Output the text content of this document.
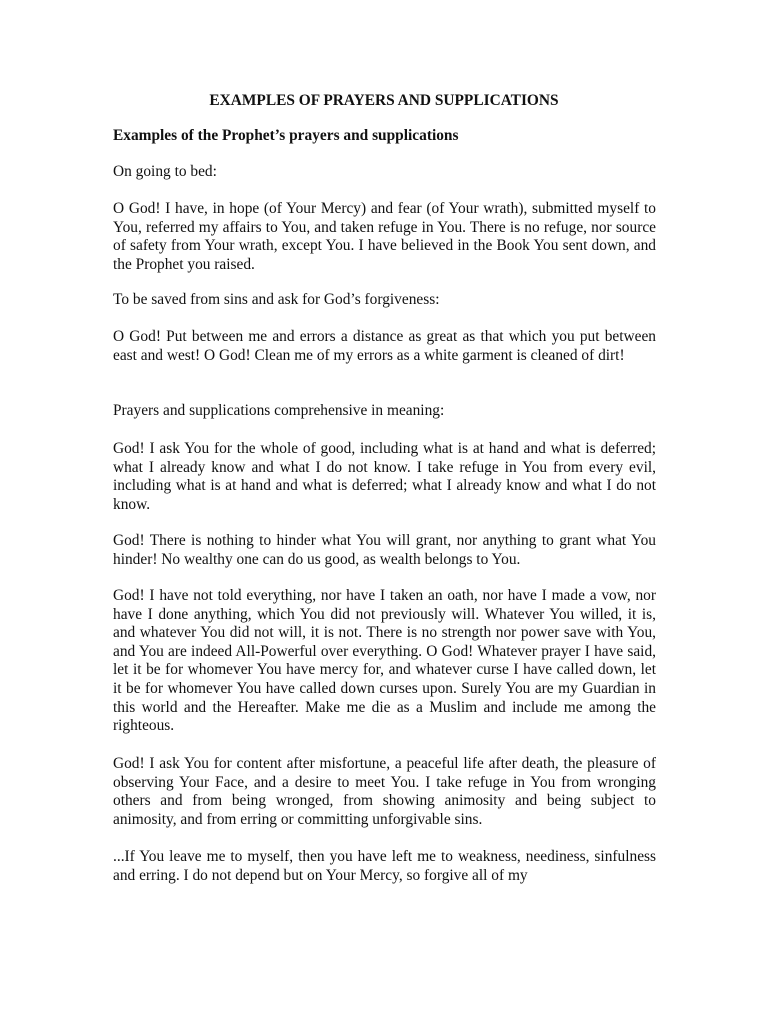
EXAMPLES OF PRAYERS AND SUPPLICATIONS
Examples of the Prophet’s prayers and supplications

On going to bed:

O God! I have, in hope (of Your Mercy) and fear (of Your wrath), submitted myself to You, referred my affairs to You, and taken refuge in You. There is no refuge, nor source of safety from Your wrath, except You. I have believed in the Book You sent down, and the Prophet you raised.

To be saved from sins and ask for God’s forgiveness:

O God! Put between me and errors a distance as great as that which you put between east and west! O God! Clean me of my errors as a white garment is cleaned of dirt!

Prayers and supplications comprehensive in meaning:

God! I ask You for the whole of good, including what is at hand and what is deferred; what I already know and what I do not know. I take refuge in You from every evil, including what is at hand and what is deferred; what I already know and what I do not know.

God! There is nothing to hinder what You will grant, nor anything to grant what You hinder! No wealthy one can do us good, as wealth belongs to You.

God! I have not told everything, nor have I taken an oath, nor have I made a vow, nor have I done anything, which You did not previously will. Whatever You willed, it is, and whatever You did not will, it is not. There is no strength nor power save with You, and You are indeed All-Powerful over everything. O God! Whatever prayer I have said, let it be for whomever You have mercy for, and whatever curse I have called down, let it be for whomever You have called down curses upon. Surely You are my Guardian in this world and the Hereafter. Make me die as a Muslim and include me among the righteous.

God! I ask You for content after misfortune, a peaceful life after death, the pleasure of observing Your Face, and a desire to meet You. I take refuge in You from wronging others and from being wronged, from showing animosity and being subject to animosity, and from erring or committing unforgivable sins.

...If You leave me to myself, then you have left me to weakness, neediness, sinfulness and erring. I do not depend but on Your Mercy, so forgive all of my
